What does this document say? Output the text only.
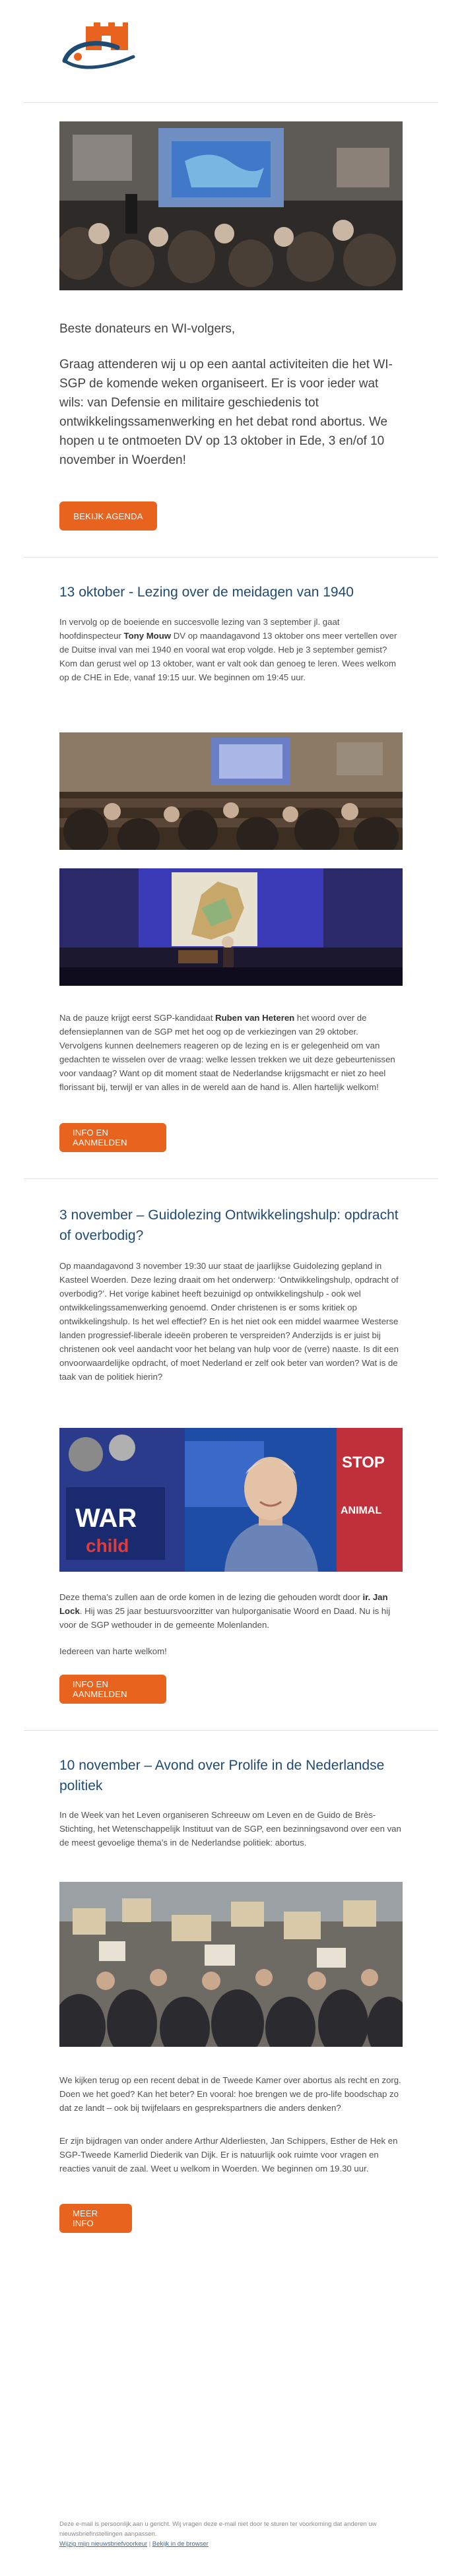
Beste donateurs en WI-volgers,
Graag attenderen wij u op een aantal activiteiten die het WI-SGP de komende weken organiseert. Er is voor ieder wat wils: van Defensie en militaire geschiedenis tot ontwikkelingssamenwerking en het debat rond abortus. We hopen u te ontmoeten DV op 13 oktober in Ede, 3 en/of 10 november in Woerden!
BEKIJK AGENDA
13 oktober - Lezing over de meidagen van 1940

In vervolg op de boeiende en succesvolle lezing van 3 september jl. gaat hoofdinspecteur Tony Mouw DV op maandagavond 13 oktober ons meer vertellen over de Duitse inval van mei 1940 en vooral wat erop volgde. Heb je 3 september gemist? Kom dan gerust wel op 13 oktober, want er valt ook dan genoeg te leren. Wees welkom op de CHE in Ede, vanaf 19:15 uur. We beginnen om 19:45 uur.

Na de pauze krijgt eerst SGP-kandidaat Ruben van Heteren het woord over de defensieplannen van de SGP met het oog op de verkiezingen van 29 oktober. Vervolgens kunnen deelnemers reageren op de lezing en is er gelegenheid om van gedachten te wisselen over de vraag: welke lessen trekken we uit deze gebeurtenissen voor vandaag? Want op dit moment staat de Nederlandse krijgsmacht er niet zo heel florissant bij, terwijl er van alles in de wereld aan de hand is. Allen hartelijk welkom!

INFO EN AANMELDEN
3 november – Guidolezing Ontwikkelingshulp: opdracht of overbodig?

Op maandagavond 3 november 19:30 uur staat de jaarlijkse Guidolezing gepland in Kasteel Woerden. Deze lezing draait om het onderwerp: ‘Ontwikkelingshulp, opdracht of overbodig?’. Het vorige kabinet heeft bezuinigd op ontwikkelingshulp - ook wel ontwikkelingssamenwerking genoemd. Onder christenen is er soms kritiek op ontwikkelingshulp. Is het wel effectief? En is het niet ook een middel waarmee Westerse landen progressief-liberale ideeën proberen te verspreiden? Anderzijds is er juist bij christenen ook veel aandacht voor het belang van hulp voor de (verre) naaste. Is dit een onvoorwaardelijke opdracht, of moet Nederland er zelf ook beter van worden? Wat is de taak van de politiek hierin?

WAR
child
STOP
ANIMAL

Deze thema’s zullen aan de orde komen in de lezing die gehouden wordt door ir. Jan Lock. Hij was 25 jaar bestuursvoorzitter van hulporganisatie Woord en Daad. Nu is hij voor de SGP wethouder in de gemeente Molenlanden.

Iedereen van harte welkom!

INFO EN AANMELDEN
10 november – Avond over Prolife in de Nederlandse politiek

In de Week van het Leven organiseren Schreeuw om Leven en de Guido de Brès-Stichting, het Wetenschappelijk Instituut van de SGP, een bezinningsavond over een van de meest gevoelige thema’s in de Nederlandse politiek: abortus.

We kijken terug op een recent debat in de Tweede Kamer over abortus als recht en zorg. Doen we het goed? Kan het beter? En vooral: hoe brengen we de pro-life boodschap zo dat ze landt – ook bij twijfelaars en gesprekspartners die anders denken?

Er zijn bijdragen van onder andere Arthur Alderliesten, Jan Schippers, Esther de Hek en SGP-Tweede Kamerlid Diederik van Dijk. Er is natuurlijk ook ruimte voor vragen en reacties vanuit de zaal. Weet u welkom in Woerden. We beginnen om 19.30 uur.

MEER INFO
Deze e-mail is persoonlijk aan u gericht. Wij vragen deze e-mail niet door te sturen ter voorkoming dat anderen uw nieuwsbriefinstellingen aanpassen.
Wijzig mijn nieuwsbriefvoorkeur | Bekijk in de browser
